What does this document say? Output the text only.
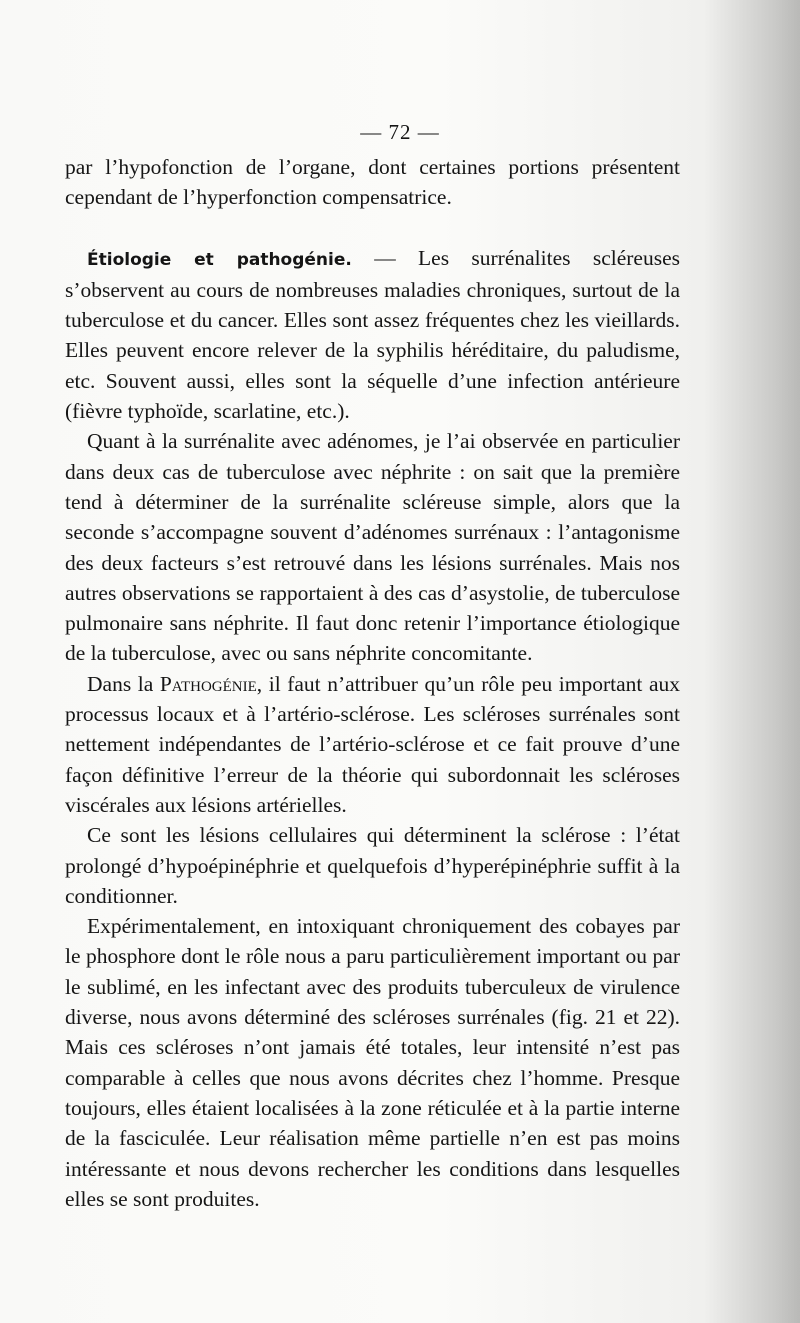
— 72 —

par l’hypofonction de l’organe, dont certaines portions présentent cependant de l’hyperfonction compensatrice.

Étiologie et pathogénie. — Les surrénalites scléreuses s’observent au cours de nombreuses maladies chroniques, surtout de la tuberculose et du cancer. Elles sont assez fréquentes chez les vieillards. Elles peuvent encore relever de la syphilis héréditaire, du paludisme, etc. Souvent aussi, elles sont la séquelle d’une infection antérieure (fièvre typhoïde, scarlatine, etc.).

Quant à la surrénalite avec adénomes, je l’ai observée en particulier dans deux cas de tuberculose avec néphrite : on sait que la première tend à déterminer de la surrénalite scléreuse simple, alors que la seconde s’accompagne souvent d’adénomes surrénaux : l’antagonisme des deux facteurs s’est retrouvé dans les lésions surrénales. Mais nos autres observations se rapportaient à des cas d’asystolie, de tuberculose pulmonaire sans néphrite. Il faut donc retenir l’importance étiologique de la tuberculose, avec ou sans néphrite concomitante.

Dans la Pathogénie, il faut n’attribuer qu’un rôle peu important aux processus locaux et à l’artério-sclérose. Les scléroses surrénales sont nettement indépendantes de l’artério-sclérose et ce fait prouve d’une façon définitive l’erreur de la théorie qui subordonnait les scléroses viscérales aux lésions artérielles.

Ce sont les lésions cellulaires qui déterminent la sclérose : l’état prolongé d’hypoépinéphrie et quelquefois d’hyperépinéphrie suffit à la conditionner.

Expérimentalement, en intoxiquant chroniquement des cobayes par le phosphore dont le rôle nous a paru particulièrement important ou par le sublimé, en les infectant avec des produits tuberculeux de virulence diverse, nous avons déterminé des scléroses surrénales (fig. 21 et 22). Mais ces scléroses n’ont jamais été totales, leur intensité n’est pas comparable à celles que nous avons décrites chez l’homme. Presque toujours, elles étaient localisées à la zone réticulée et à la partie interne de la fasciculée. Leur réalisation même partielle n’en est pas moins intéressante et nous devons rechercher les conditions dans lesquelles elles se sont produites.
